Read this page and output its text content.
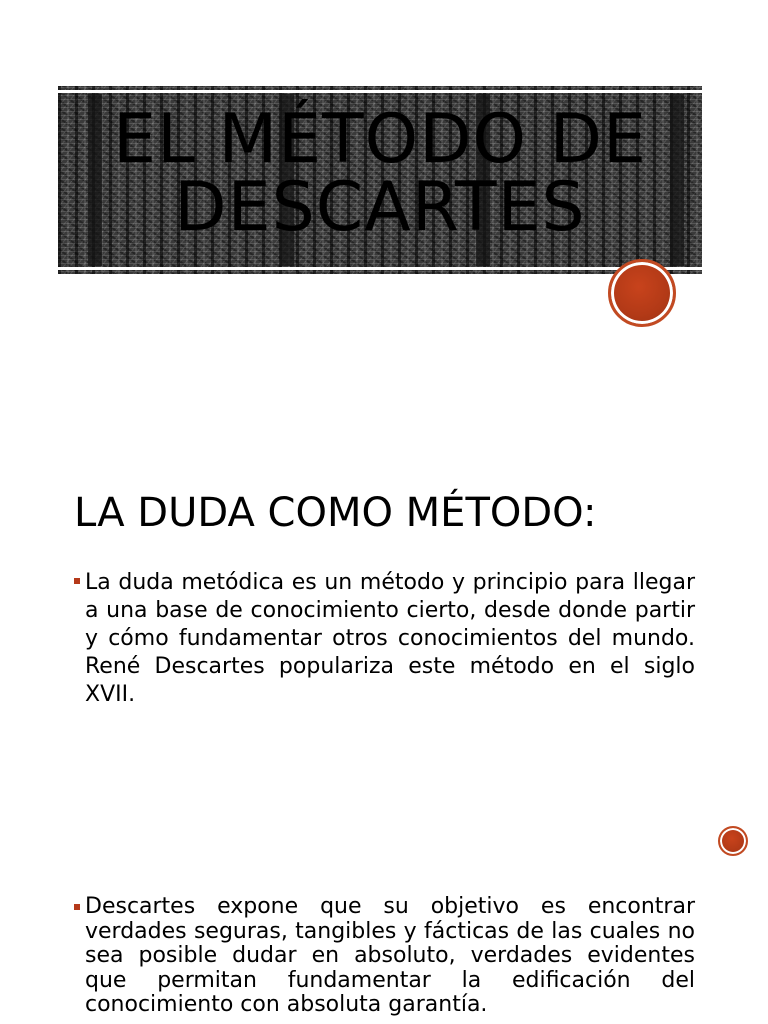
EL MÉTODO DE
DESCARTES
LA DUDA COMO MÉTODO:

La duda metódica es un método y principio para llegar a una base de conocimiento cierto, desde donde partir y cómo fundamentar otros conocimientos del mundo. René Descartes populariza este método en el siglo XVII.

Descartes expone que su objetivo es encontrar verdades seguras, tangibles y fácticas de las cuales no sea posible dudar en absoluto, verdades evidentes que permitan fundamentar la edificación del conocimiento con absoluta garantía.
